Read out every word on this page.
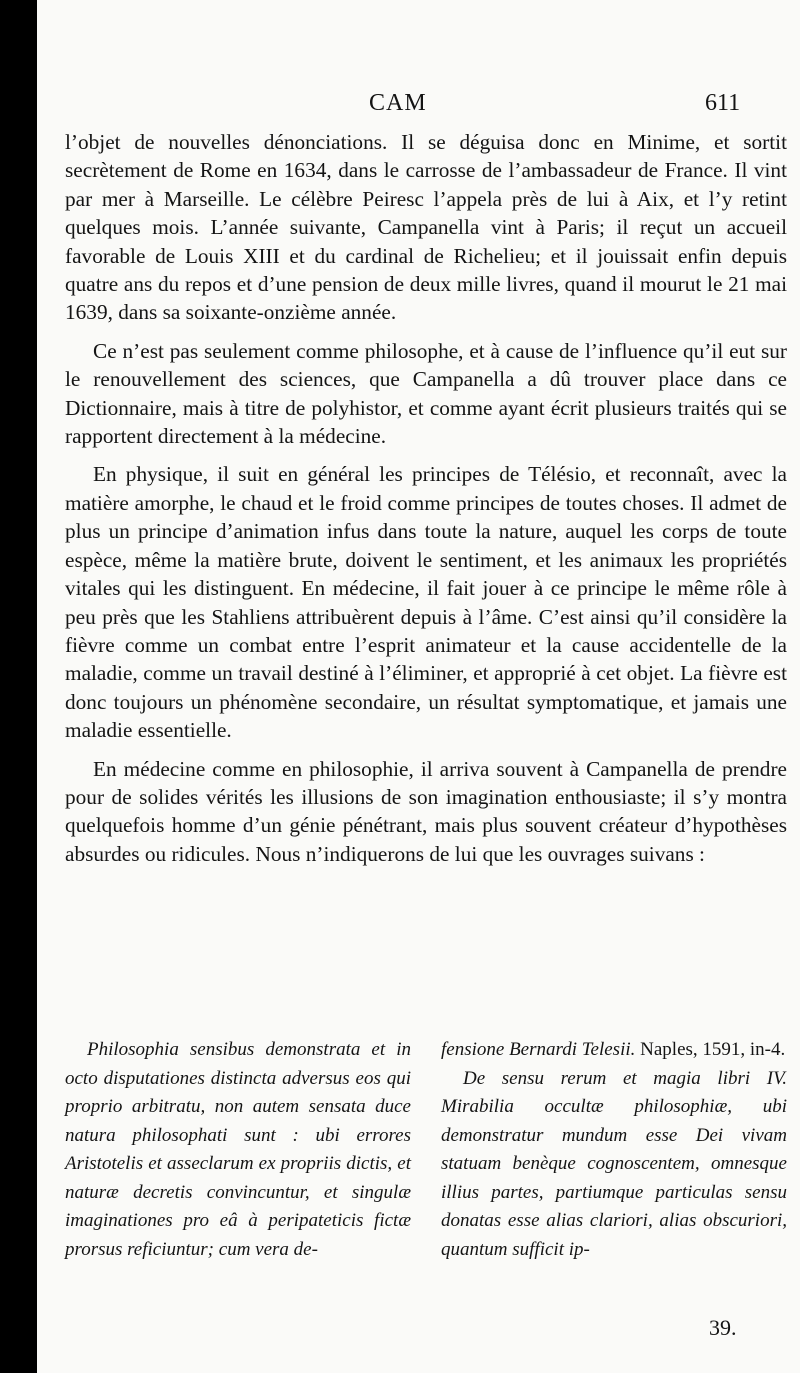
CAM	611

l’objet de nouvelles dénonciations. Il se déguisa donc en Minime, et sortit secrètement de Rome en 1634, dans le carrosse de l’ambassadeur de France. Il vint par mer à Marseille. Le célèbre Peiresc l’appela près de lui à Aix, et l’y retint quelques mois. L’année suivante, Campanella vint à Paris; il reçut un accueil favorable de Louis XIII et du cardinal de Richelieu; et il jouissait enfin depuis quatre ans du repos et d’une pension de deux mille livres, quand il mourut le 21 mai 1639, dans sa soixante-onzième année.

Ce n’est pas seulement comme philosophe, et à cause de l’influence qu’il eut sur le renouvellement des sciences, que Campanella a dû trouver place dans ce Dictionnaire, mais à titre de polyhistor, et comme ayant écrit plusieurs traités qui se rapportent directement à la médecine.

En physique, il suit en général les principes de Télésio, et reconnaît, avec la matière amorphe, le chaud et le froid comme principes de toutes choses. Il admet de plus un principe d’animation infus dans toute la nature, auquel les corps de toute espèce, même la matière brute, doivent le sentiment, et les animaux les propriétés vitales qui les distinguent. En médecine, il fait jouer à ce principe le même rôle à peu près que les Stahliens attribuèrent depuis à l’âme. C’est ainsi qu’il considère la fièvre comme un combat entre l’esprit animateur et la cause accidentelle de la maladie, comme un travail destiné à l’éliminer, et approprié à cet objet. La fièvre est donc toujours un phénomène secondaire, un résultat symptomatique, et jamais une maladie essentielle.

En médecine comme en philosophie, il arriva souvent à Campanella de prendre pour de solides vérités les illusions de son imagination enthousiaste; il s’y montra quelquefois homme d’un génie pénétrant, mais plus souvent créateur d’hypothèses absurdes ou ridicules. Nous n’indiquerons de lui que les ouvrages suivans :

Philosophia sensibus demonstrata et in octo disputationes distincta adversus eos qui proprio arbitratu, non autem sensata duce natura philosophati sunt : ubi errores Aristotelis et asseclarum ex propriis dictis, et naturæ decretis convincuntur, et singulæ imaginationes pro eâ à peripateticis fictæ prorsus reficiuntur; cum vera de-

fensione Bernardi Telesii. Naples, 1591, in-4.

De sensu rerum et magia libri IV. Mirabilia occultæ philosophiæ, ubi demonstratur mundum esse Dei vivam statuam benèque cognoscentem, omnesque illius partes, partiumque particulas sensu donatas esse alias clariori, alias obscuriori, quantum sufficit ip-

39.
